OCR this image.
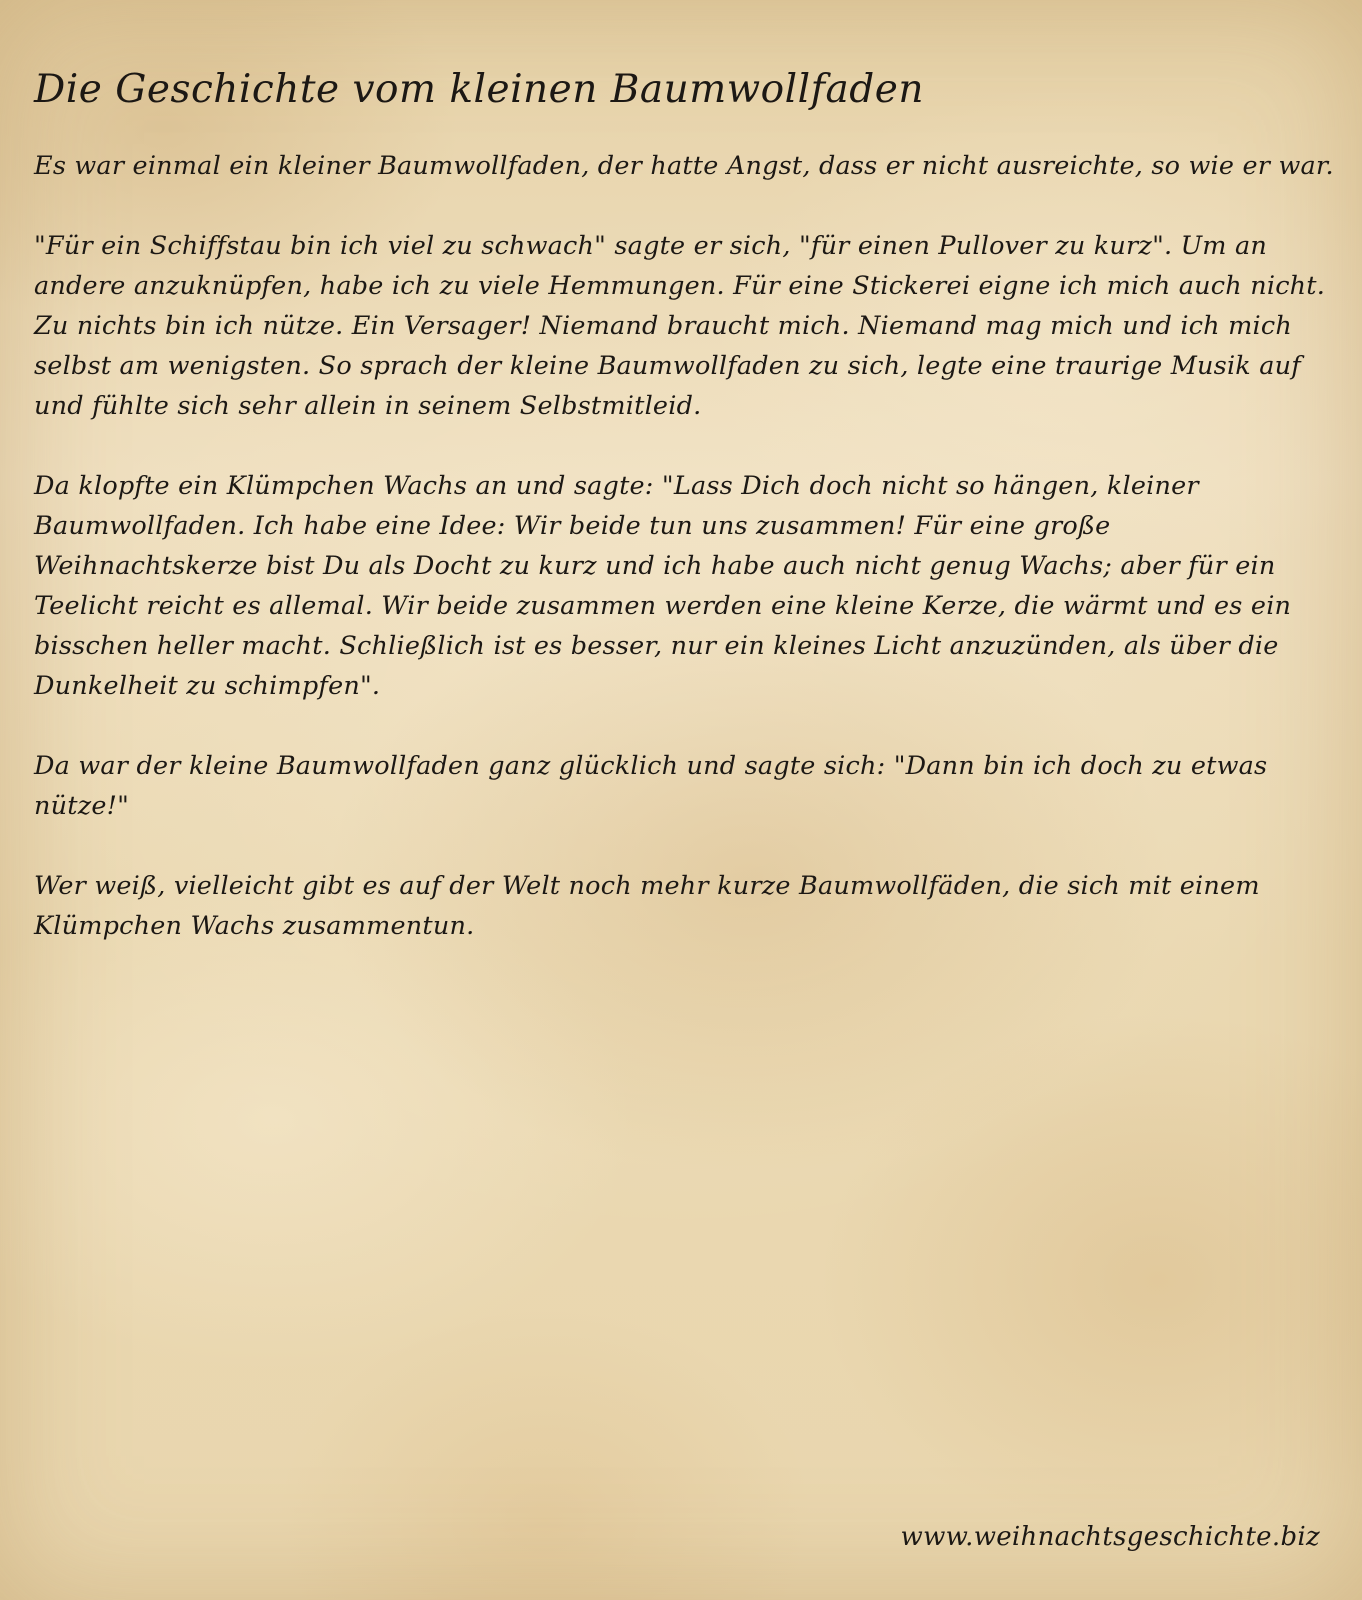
Die Geschichte vom kleinen Baumwollfaden

Es war einmal ein kleiner Baumwollfaden, der hatte Angst, dass er nicht ausreichte, so wie er war.

"Für ein Schiffstau bin ich viel zu schwach" sagte er sich, "für einen Pullover zu kurz". Um an andere anzuknüpfen, habe ich zu viele Hemmungen. Für eine Stickerei eigne ich mich auch nicht. Zu nichts bin ich nütze. Ein Versager! Niemand braucht mich. Niemand mag mich und ich mich selbst am wenigsten. So sprach der kleine Baumwollfaden zu sich, legte eine traurige Musik auf und fühlte sich sehr allein in seinem Selbstmitleid.

Da klopfte ein Klümpchen Wachs an und sagte: "Lass Dich doch nicht so hängen, kleiner Baumwollfaden. Ich habe eine Idee: Wir beide tun uns zusammen! Für eine große Weihnachtskerze bist Du als Docht zu kurz und ich habe auch nicht genug Wachs; aber für ein Teelicht reicht es allemal. Wir beide zusammen werden eine kleine Kerze, die wärmt und es ein bisschen heller macht. Schließlich ist es besser, nur ein kleines Licht anzuzünden, als über die Dunkelheit zu schimpfen".

Da war der kleine Baumwollfaden ganz glücklich und sagte sich: "Dann bin ich doch zu etwas nütze!"

Wer weiß, vielleicht gibt es auf der Welt noch mehr kurze Baumwollfäden, die sich mit einem Klümpchen Wachs zusammentun.

www.weihnachtsgeschichte.biz
